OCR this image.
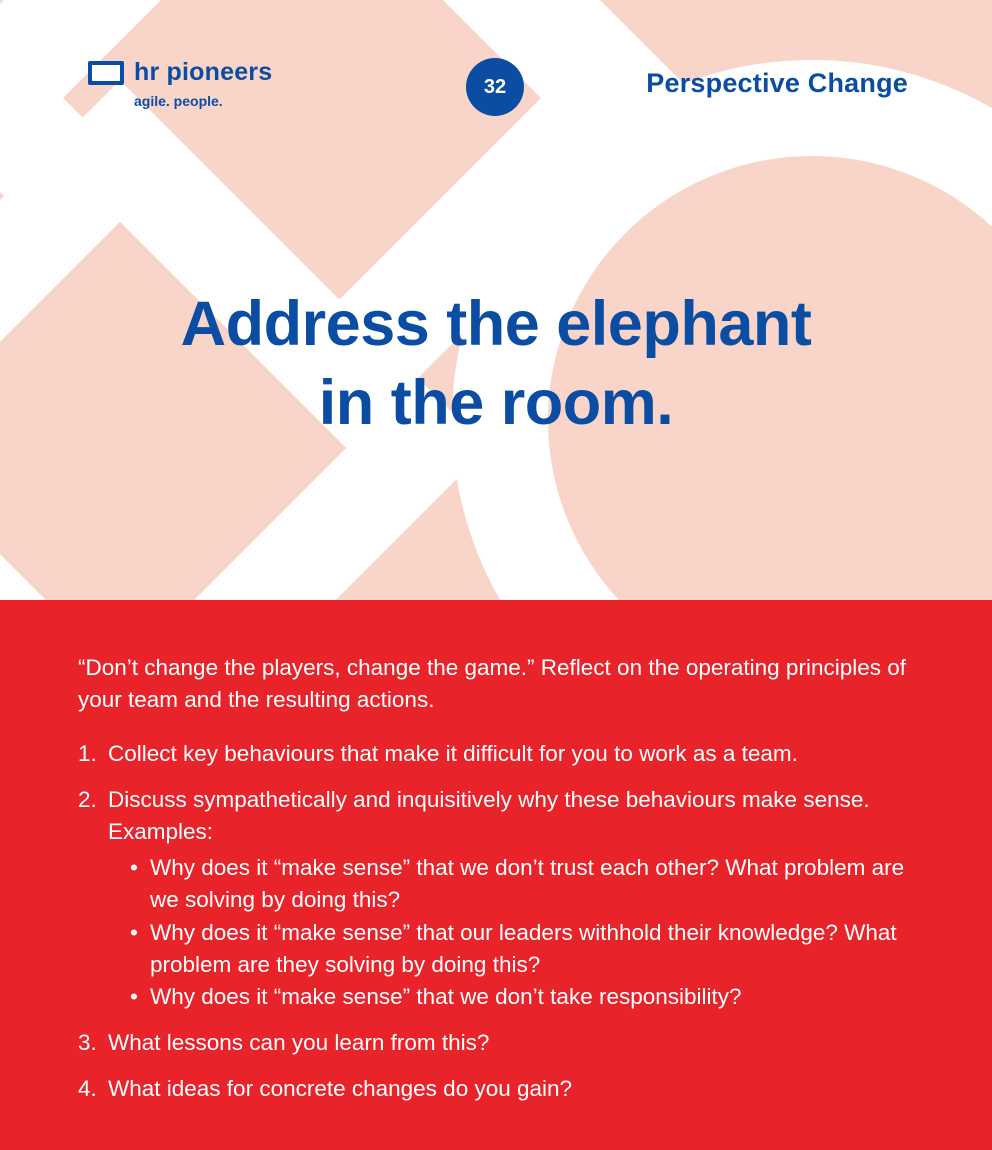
hr pioneers
agile. people.
32	Perspective Change
Address the elephant
in the room.

“Don’t change the players, change the game.” Reflect on the operating principles of your team and the resulting actions.

1. Collect key behaviours that make it difficult for you to work as a team.
2. Discuss sympathetically and inquisitively why these behaviours make sense. Examples:
• Why does it “make sense” that we don’t trust each other? What problem are we solving by doing this?
• Why does it “make sense” that our leaders withhold their knowledge? What problem are they solving by doing this?
• Why does it “make sense” that we don’t take responsibility?
3. What lessons can you learn from this?
4. What ideas for concrete changes do you gain?
